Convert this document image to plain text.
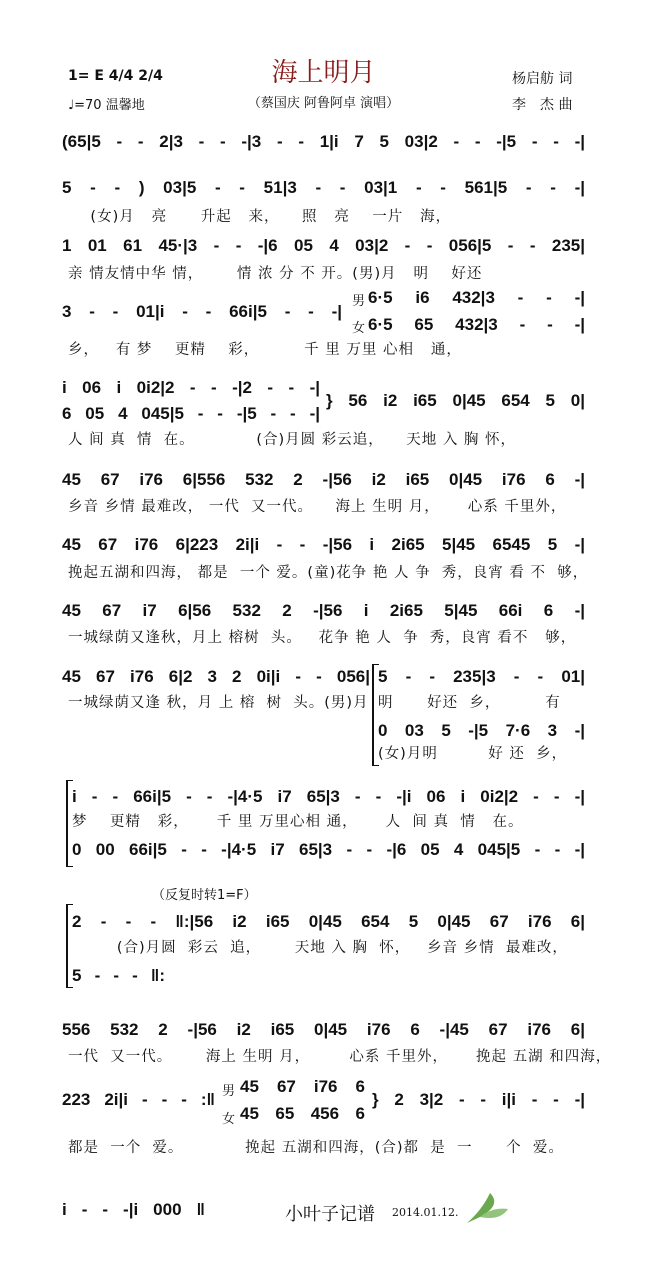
海上明月
（蔡国庆 阿鲁阿卓 演唱）
1= E 4/4 2/4
♩=70 温馨地
杨启舫 词
李　杰 曲
小叶子记谱 2014.01.12.
(65|5 - - 2|3 - - -|3 - - 1|i 7 5 03|2 - - -|5 - - -|
5 - - ) 03|5 - - 51|3 - - 03|1 - - 561|5 - - -|
(女)月   亮      升起   来，    照   亮    一片   海，
1 01 61 45·|3 - - -|6 05 4 03|2 - - 056|5 - - 235|
亲 情友情中华 情，      情 浓 分 不 开。(男)月   明    好还
3 - - 01|i - - 66i|5 - - -|
男
女
6·5 i6 432|3 - - -|
6·5 65 432|3 - - -|
乡，   有 梦    更精    彩，        千 里 万里 心相   通，
i 06 i 0i2|2 - - -|2 - - -|
6 05 4 045|5 - - -|5 - - -|
} 56 i2 i65 0|45 654 5 0|
人 间 真  情  在。           (合)月圆 彩云追，    天地 入 胸 怀，
45 67 i76 6|556 532 2 -|56 i2 i65 0|45 i76 6 -|
乡音 乡情 最难改， 一代  又一代。    海上 生明 月，     心系 千里外，
45 67 i76 6|223 2i|i - - -|56 i 2i65 5|45 6545 5 -|
挽起五湖和四海， 都是  一个 爱。(童)花争 艳 人 争  秀，良宵 看 不  够，
45 67 i7 6|56 532 2 -|56 i 2i65 5|45 66i 6 -|
一城绿荫又逢秋，月上 榕树  头。   花争 艳 人  争  秀，良宵 看不   够，
45 67 i76 6|2 3 2 0i|i - - 056|
一城绿荫又逢 秋，月 上 榕  树  头。(男)月
5 - - 235|3 - - 01|
明      好还  乡，        有
0 03 5 -|5 7·6 3 -|
(女)月明         好 还  乡，
i - - 66i|5 - - -|4·5 i7 65|3 - - -|i 06 i 0i2|2 - - -|
梦    更精   彩，     千 里 万里心相 通，     人  间 真  情   在。
0 00 66i|5 - - -|4·5 i7 65|3 - - -|6 05 4 045|5 - - -|
（反复时转1=F）
2 - - - ‖:|56 i2 i65 0|45 654 5 0|45 67 i76 6|
(合)月圆  彩云  追，      天地 入 胸  怀，   乡音 乡情  最难改，
5 - - - ‖:
556 532 2 -|56 i2 i65 0|45 i76 6 -|45 67 i76 6|
一代  又一代。      海上 生明 月，       心系 千里外，     挽起 五湖 和四海，
223 2i|i - - - :‖ 男
女
45 67 i76 6
45 65 456 6
} 2 3|2 - - i|i - - -|
都是  一个  爱。           挽起 五湖和四海，(合)都  是  一      个  爱。
i - - -|i 000 ‖
